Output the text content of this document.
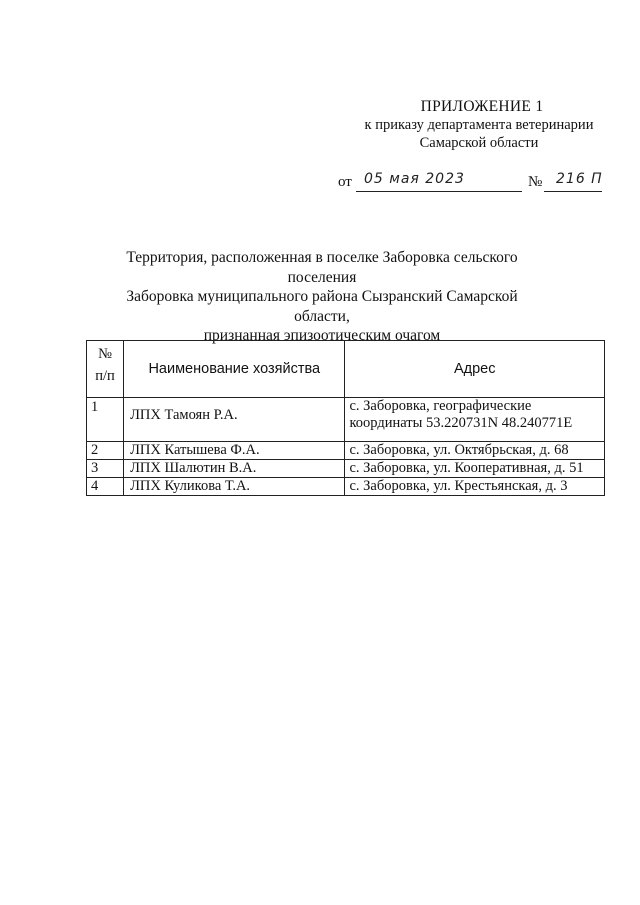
ПРИЛОЖЕНИЕ 1
к приказу департамента ветеринарии
Самарской области
от 05 мая 2023	№ 216 П
Территория, расположенная в поселке Заборовка сельского поселения
Заборовка муниципального района Сызранский Самарской области,
признанная эпизоотическим очагом
№
п/п	Наименование хозяйства	Адрес
1	ЛПХ Тамоян Р.А.	с. Заборовка, географические
координаты 53.220731N 48.240771E

2	ЛПХ Катышева Ф.А.	с. Заборовка, ул. Октябрьская, д. 68
3	ЛПХ Шалютин В.А.	с. Заборовка, ул. Кооперативная, д. 51
4	ЛПХ Куликова Т.А.	с. Заборовка, ул. Крестьянская, д. 3
